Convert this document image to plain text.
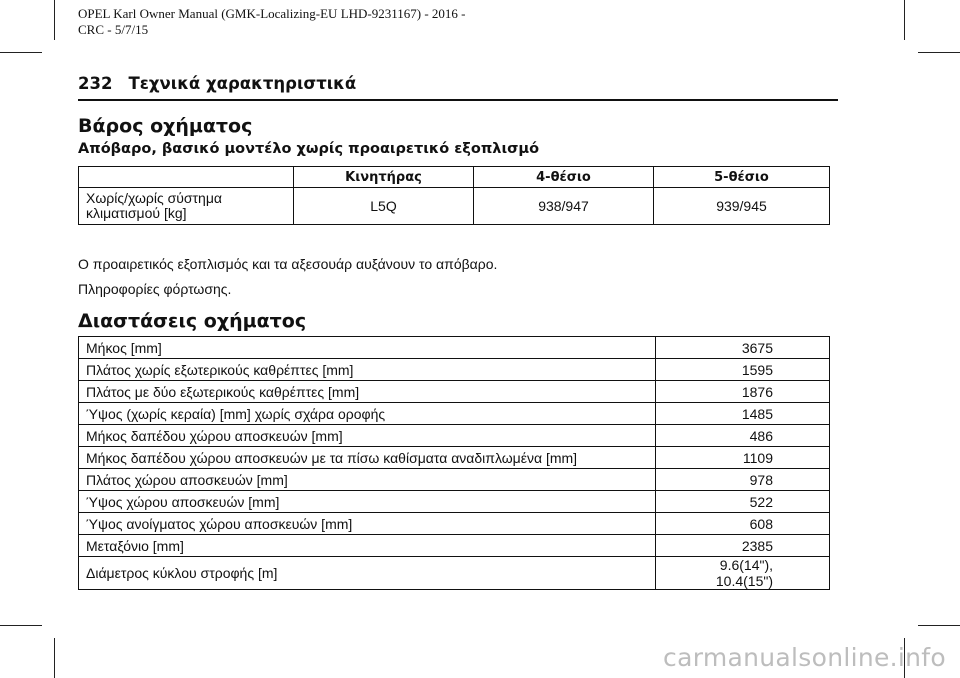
OPEL Karl Owner Manual (GMK-Localizing-EU LHD-9231167) - 2016 -
CRC - 5/7/15
232 Τεχνικά χαρακτηριστικά
Βάρος οχήματος
Απόβαρο, βασικό μοντέλο χωρίς προαιρετικό εξοπλισμό
	Κινητήρας	4-θέσιο	5-θέσιο
Χωρίς/χωρίς σύστημα
κλιματισμού [kg]	L5Q	938/947	939/945

Ο προαιρετικός εξοπλισμός και τα αξεσουάρ αυξάνουν το απόβαρο.

Πληροφορίες φόρτωσης.

Διαστάσεις οχήματος
Μήκος [mm]	3675
Πλάτος χωρίς εξωτερικούς καθρέπτες [mm]	1595
Πλάτος με δύο εξωτερικούς καθρέπτες [mm]	1876
Ύψος (χωρίς κεραία) [mm] χωρίς σχάρα οροφής	1485
Μήκος δαπέδου χώρου αποσκευών [mm]	486
Μήκος δαπέδου χώρου αποσκευών με τα πίσω καθίσματα αναδιπλωμένα [mm]	1109
Πλάτος χώρου αποσκευών [mm]	978
Ύψος χώρου αποσκευών [mm]	522
Ύψος ανοίγματος χώρου αποσκευών [mm]	608
Μεταξόνιο [mm]	2385
Διάμετρος κύκλου στροφής [m]	9.6(14"), 10.4(15")
carmanualsonline.info
